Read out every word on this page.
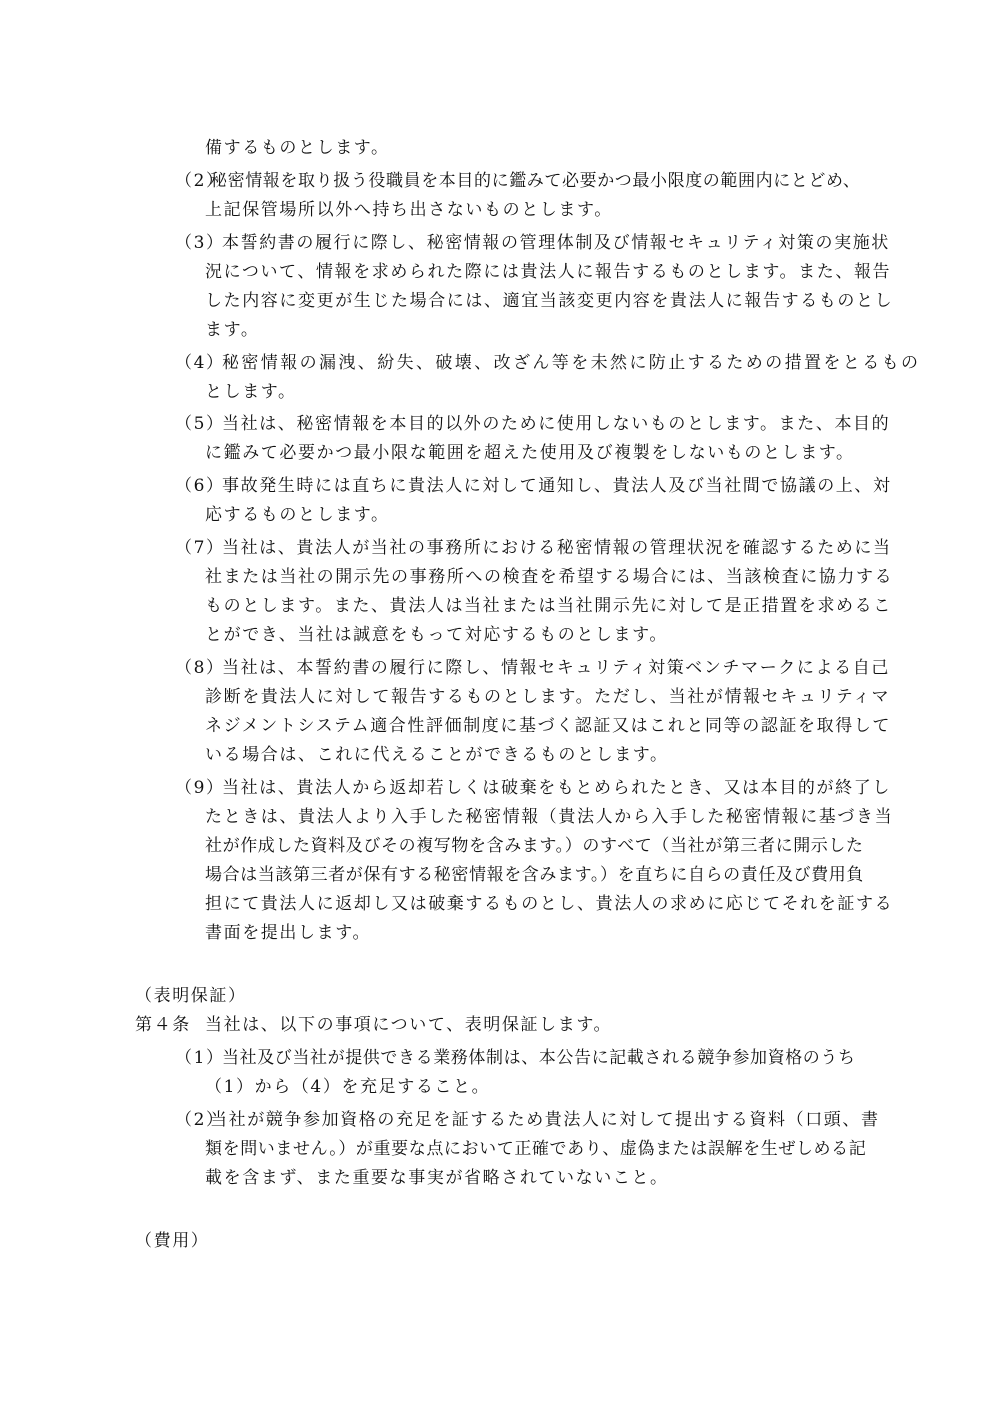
備するものとします。
（2）
秘密情報を取り扱う役職員を本目的に鑑みて必要かつ最小限度の範囲内にとどめ、
上記保管場所以外へ持ち出さないものとします。
（3）
本誓約書の履行に際し、秘密情報の管理体制及び情報セキュリティ対策の実施状
況について、情報を求められた際には貴法人に報告するものとします。また、報告
した内容に変更が生じた場合には、適宜当該変更内容を貴法人に報告するものとし
ます。
（4）
秘密情報の漏洩、紛失、破壊、改ざん等を未然に防止するための措置をとるもの
とします。
（5）
当社は、秘密情報を本目的以外のために使用しないものとします。また、本目的
に鑑みて必要かつ最小限な範囲を超えた使用及び複製をしないものとします。
（6）
事故発生時には直ちに貴法人に対して通知し、貴法人及び当社間で協議の上、対
応するものとします。
（7）
当社は、貴法人が当社の事務所における秘密情報の管理状況を確認するために当
社または当社の開示先の事務所への検査を希望する場合には、当該検査に協力する
ものとします。また、貴法人は当社または当社開示先に対して是正措置を求めるこ
とができ、当社は誠意をもって対応するものとします。
（8）
当社は、本誓約書の履行に際し、情報セキュリティ対策ベンチマークによる自己
診断を貴法人に対して報告するものとします。ただし、当社が情報セキュリティマ
ネジメントシステム適合性評価制度に基づく認証又はこれと同等の認証を取得して
いる場合は、これに代えることができるものとします。
（9）
当社は、貴法人から返却若しくは破棄をもとめられたとき、又は本目的が終了し
たときは、貴法人より入手した秘密情報（貴法人から入手した秘密情報に基づき当
社が作成した資料及びその複写物を含みます。）のすべて（当社が第三者に開示した
場合は当該第三者が保有する秘密情報を含みます。）を直ちに自らの責任及び費用負
担にて貴法人に返却し又は破棄するものとし、貴法人の求めに応じてそれを証する
書面を提出します。
（表明保証）
第４条 当社は、以下の事項について、表明保証します。
（1）
当社及び当社が提供できる業務体制は、本公告に記載される競争参加資格のうち
（1）から（4）を充足すること。
（2）
当社が競争参加資格の充足を証するため貴法人に対して提出する資料（口頭、書
類を問いません。）が重要な点において正確であり、虚偽または誤解を生ぜしめる記
載を含まず、また重要な事実が省略されていないこと。
（費用）
